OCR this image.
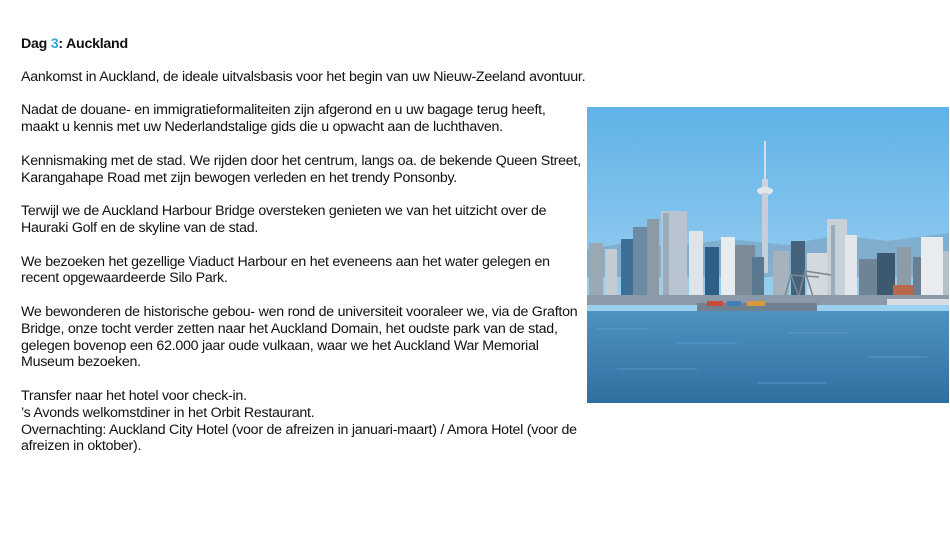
Dag 3: Auckland

Aankomst in Auckland, de ideale uitvalsbasis voor het begin van uw Nieuw-Zeeland avontuur.

Nadat de douane- en immigratieformaliteiten zijn afgerond en u uw bagage terug heeft, maakt u kennis met uw Nederlandstalige gids die u opwacht aan de luchthaven.

Kennismaking met de stad. We rijden door het centrum, langs oa. de bekende Queen Street, Karangahape Road met zijn bewogen verleden en het trendy Ponsonby.

Terwijl we de Auckland Harbour Bridge oversteken genieten we van het uitzicht over de Hauraki Golf en de skyline van de stad.

We bezoeken het gezellige Viaduct Harbour en het eveneens aan het water gelegen en recent opgewaardeerde Silo Park.

We bewonderen de historische gebou- wen rond de universiteit vooraleer we, via de Grafton Bridge, onze tocht verder zetten naar het Auckland Domain, het oudste park van de stad, gelegen bovenop een 62.000 jaar oude vulkaan, waar we het Auckland War Memorial Museum bezoeken.

Transfer naar het hotel voor check-in.
’s Avonds welkomstdiner in het Orbit Restaurant.
Overnachting: Auckland City Hotel (voor de afreizen in januari-maart) / Amora Hotel (voor de afreizen in oktober).
